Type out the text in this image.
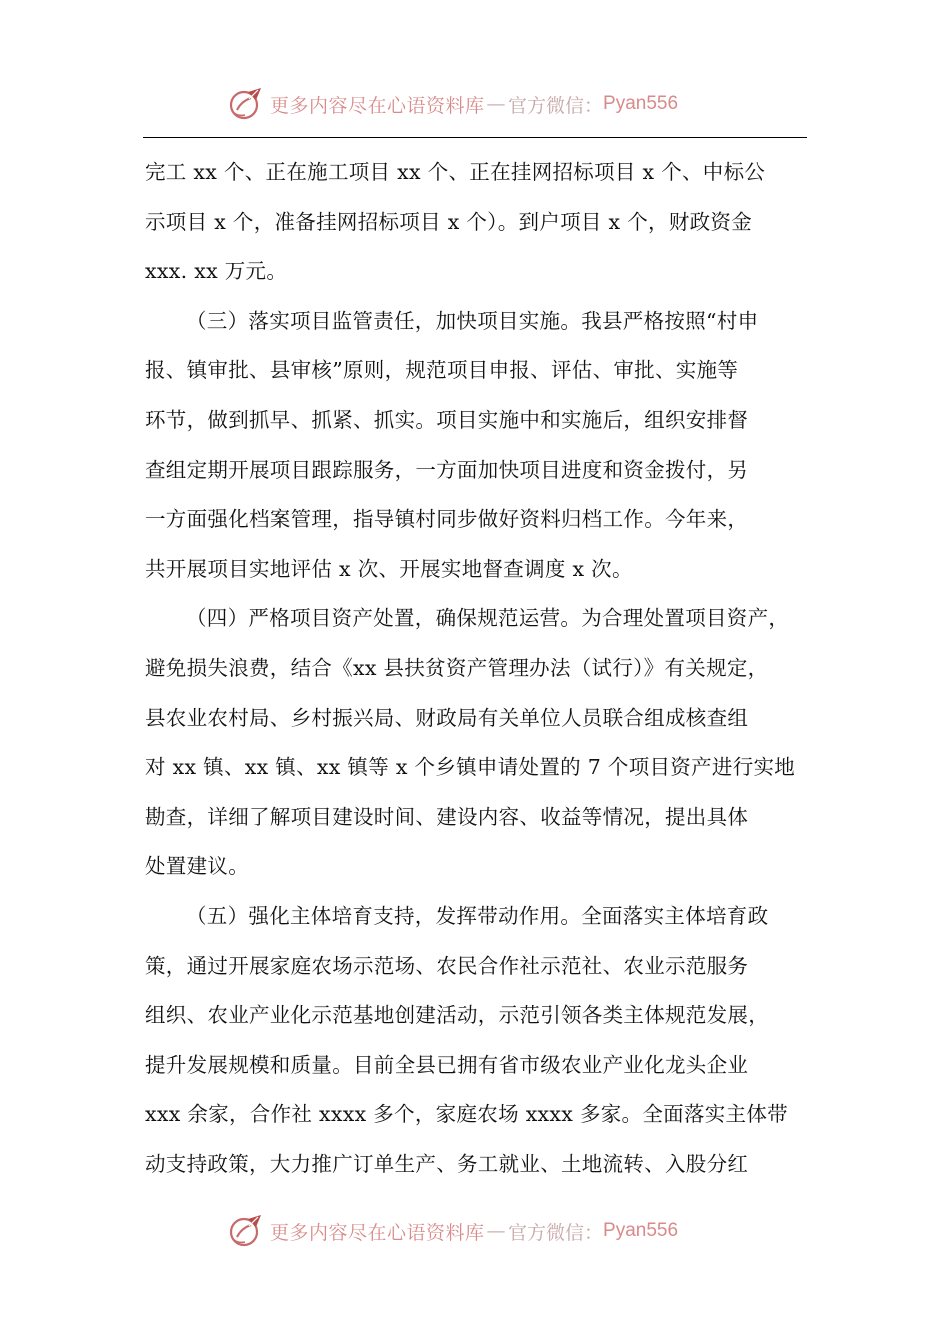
更多内容尽在心语资料库 — 官方微信： Pyan556
完工 xx 个、正在施工项目 xx 个、正在挂网招标项目 x 个、中标公
示项目 x 个，准备挂网招标项目 x 个）。到户项目 x 个，财政资金
xxx. xx 万元。
（三）落实项目监管责任，加快项目实施。我县严格按照“村申
报、镇审批、县审核”原则，规范项目申报、评估、审批、实施等
环节，做到抓早、抓紧、抓实。项目实施中和实施后，组织安排督
查组定期开展项目跟踪服务，一方面加快项目进度和资金拨付，另
一方面强化档案管理，指导镇村同步做好资料归档工作。今年来，
共开展项目实地评估 x 次、开展实地督查调度 x 次。
（四）严格项目资产处置，确保规范运营。为合理处置项目资产，
避免损失浪费，结合《xx 县扶贫资产管理办法（试行）》有关规定，
县农业农村局、乡村振兴局、财政局有关单位人员联合组成核查组
对 xx 镇、xx 镇、xx 镇等 x 个乡镇申请处置的 7 个项目资产进行实地
勘查，详细了解项目建设时间、建设内容、收益等情况，提出具体
处置建议。
（五）强化主体培育支持，发挥带动作用。全面落实主体培育政
策，通过开展家庭农场示范场、农民合作社示范社、农业示范服务
组织、农业产业化示范基地创建活动，示范引领各类主体规范发展，
提升发展规模和质量。目前全县已拥有省市级农业产业化龙头企业
xxx 余家，合作社 xxxx 多个，家庭农场 xxxx 多家。全面落实主体带
动支持政策，大力推广订单生产、务工就业、土地流转、入股分红
更多内容尽在心语资料库 — 官方微信： Pyan556
